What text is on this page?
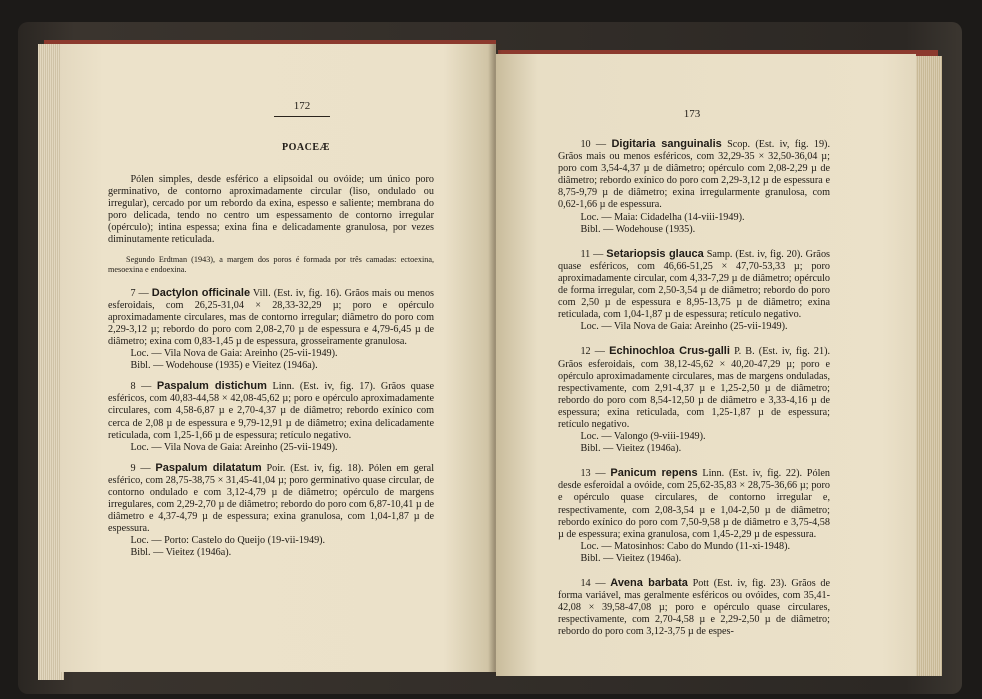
172
POACEÆ

Pólen simples, desde esférico a elipsoidal ou ovóide; um único poro germinativo, de contorno aproximadamente circular (liso, ondulado ou irregular), cercado por um rebordo da exina, espesso e saliente; membrana do poro delicada, tendo no centro um espessamento de contorno irregular (opérculo); intina espessa; exina fina e delicadamente granulosa, por vezes diminutamente reticulada.

Segundo Erdtman (1943), a margem dos poros é formada por três camadas: ectoexina, mesoexina e endoexina.

7 — Dactylon officinale Vill. (Est. iv, fig. 16). Grãos mais ou menos esferoidais, com 26,25-31,04 × 28,33-32,29 µ; poro e opérculo aproximadamente circulares, mas de contorno irregular; diâmetro do poro com 2,29-3,12 µ; rebordo do poro com 2,08-2,70 µ de espessura e 4,79-6,45 µ de diâmetro; exina com 0,83-1,45 µ de espessura, grosseiramente granulosa.

Loc. — Vila Nova de Gaia: Areinho (25-vii-1949).

Bibl. — Wodehouse (1935) e Vieitez (1946a).

8 — Paspalum distichum Linn. (Est. iv, fig. 17). Grãos quase esféricos, com 40,83-44,58 × 42,08-45,62 µ; poro e opérculo aproximadamente circulares, com 4,58-6,87 µ e 2,70-4,37 µ de diâmetro; rebordo exínico com cerca de 2,08 µ de espessura e 9,79-12,91 µ de diâmetro; exina delicadamente reticulada, com 1,25-1,66 µ de espessura; retículo negativo.

Loc. — Vila Nova de Gaia: Areinho (25-vii-1949).

9 — Paspalum dilatatum Poir. (Est. iv, fig. 18). Pólen em geral esférico, com 28,75-38,75 × 31,45-41,04 µ; poro germinativo quase circular, de contorno ondulado e com 3,12-4,79 µ de diâmetro; opérculo de margens irregulares, com 2,29-2,70 µ de diâmetro; rebordo do poro com 6,87-10,41 µ de diâmetro e 4,37-4,79 µ de espessura; exina granulosa, com 1,04-1,87 µ de espessura.

Loc. — Porto: Castelo do Queijo (19-vii-1949).

Bibl. — Vieitez (1946a).

173

10 — Digitaria sanguinalis Scop. (Est. iv, fig. 19). Grãos mais ou menos esféricos, com 32,29-35 × 32,50-36,04 µ; poro com 3,54-4,37 µ de diâmetro; opérculo com 2,08-2,29 µ de diâmetro; rebordo exínico do poro com 2,29-3,12 µ de espessura e 8,75-9,79 µ de diâmetro; exina irregularmente granulosa, com 0,62-1,66 µ de espessura.

Loc. — Maia: Cidadelha (14-viii-1949).

Bibl. — Wodehouse (1935).

11 — Setariopsis glauca Samp. (Est. iv, fig. 20). Grãos quase esféricos, com 46,66-51,25 × 47,70-53,33 µ; poro aproximadamente circular, com 4,33-7,29 µ de diâmetro; opérculo de forma irregular, com 2,50-3,54 µ de diâmetro; rebordo do poro com 2,50 µ de espessura e 8,95-13,75 µ de diâmetro; exina reticulada, com 1,04-1,87 µ de espessura; retículo negativo.

Loc. — Vila Nova de Gaia: Areinho (25-vii-1949).

12 — Echinochloa Crus-galli P. B. (Est. iv, fig. 21). Grãos esferoidais, com 38,12-45,62 × 40,20-47,29 µ; poro e opérculo aproximadamente circulares, mas de margens onduladas, respectivamente, com 2,91-4,37 µ e 1,25-2,50 µ de diâmetro; rebordo do poro com 8,54-12,50 µ de diâmetro e 3,33-4,16 µ de espessura; exina reticulada, com 1,25-1,87 µ de espessura; retículo negativo.

Loc. — Valongo (9-viii-1949).

Bibl. — Vieitez (1946a).

13 — Panicum repens Linn. (Est. iv, fig. 22). Pólen desde esferoidal a ovóide, com 25,62-35,83 × 28,75-36,66 µ; poro e opérculo quase circulares, de contorno irregular e, respectivamente, com 2,08-3,54 µ e 1,04-2,50 µ de diâmetro; rebordo exínico do poro com 7,50-9,58 µ de diâmetro e 3,75-4,58 µ de espessura; exina granulosa, com 1,45-2,29 µ de espessura.

Loc. — Matosinhos: Cabo do Mundo (11-xi-1948).

Bibl. — Vieitez (1946a).

14 — Avena barbata Pott (Est. iv, fig. 23). Grãos de forma variável, mas geralmente esféricos ou ovóides, com 35,41-42,08 × 39,58-47,08 µ; poro e opérculo quase circulares, respectivamente, com 2,70-4,58 µ e 2,29-2,50 µ de diâmetro; rebordo do poro com 3,12-3,75 µ de espes-
